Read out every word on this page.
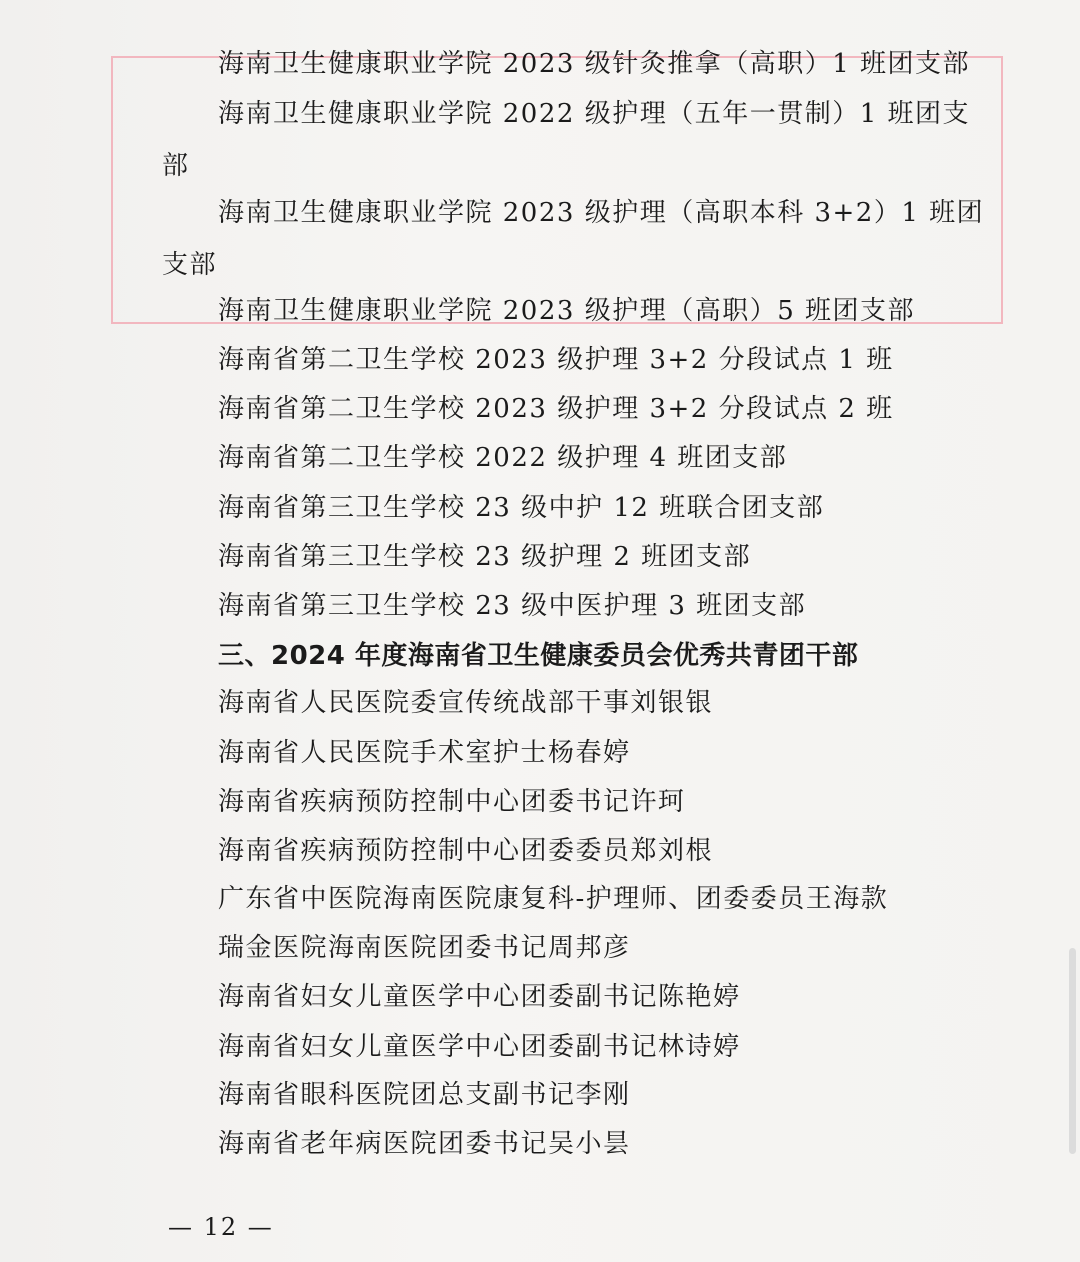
海南卫生健康职业学院 2023 级针灸推拿（高职）1 班团支部
海南卫生健康职业学院 2022 级护理（五年一贯制）1 班团支
部
海南卫生健康职业学院 2023 级护理（高职本科 3+2）1 班团
支部
海南卫生健康职业学院 2023 级护理（高职）5 班团支部
海南省第二卫生学校 2023 级护理 3+2 分段试点 1 班
海南省第二卫生学校 2023 级护理 3+2 分段试点 2 班
海南省第二卫生学校 2022 级护理 4 班团支部
海南省第三卫生学校 23 级中护 12 班联合团支部
海南省第三卫生学校 23 级护理 2 班团支部
海南省第三卫生学校 23 级中医护理 3 班团支部
三、2024 年度海南省卫生健康委员会优秀共青团干部
海南省人民医院委宣传统战部干事刘银银
海南省人民医院手术室护士杨春婷
海南省疾病预防控制中心团委书记许珂
海南省疾病预防控制中心团委委员郑刘根
广东省中医院海南医院康复科-护理师、团委委员王海款
瑞金医院海南医院团委书记周邦彦
海南省妇女儿童医学中心团委副书记陈艳婷
海南省妇女儿童医学中心团委副书记林诗婷
海南省眼科医院团总支副书记李刚
海南省老年病医院团委书记吴小昙
— 12 —
